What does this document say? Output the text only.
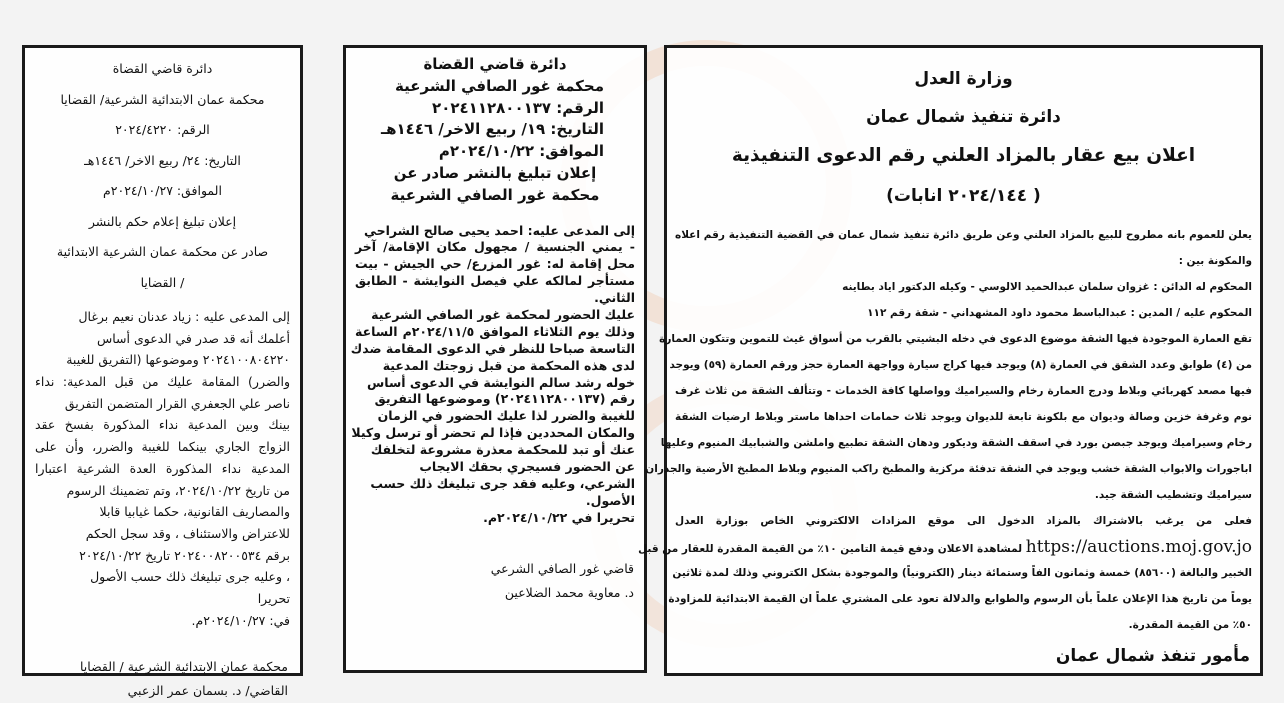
دائرة قاضي القضاة
محكمة عمان الابتدائية الشرعية/ القضايا
الرقم: ٢٠٢٤/٤٢٢٠
التاريخ: ٢٤/ ربيع الاخر/ ١٤٤٦هـ
الموافق: ٢٠٢٤/١٠/٢٧م
إعلان تبليغ إعلام حكم بالنشر
صادر عن محكمة عمان الشرعية الابتدائية
/ القضايا
إلى المدعى عليه : زياد عدنان نعيم برغال
أعلمك أنه قد صدر في الدعوى أساس
٢٠٢٤١٠٠٨٠٤٢٢٠ وموضوعها (التفريق للغيبة
والضرر) المقامة عليك من قبل المدعية: نداء
ناصر علي الجعفري القرار المتضمن التفريق
بينك وبين المدعية نداء المذكورة بفسخ عقد
الزواج الجاري بينكما للغيبة والضرر، وأن على
المدعية نداء المذكورة العدة الشرعية اعتبارا
من تاريخ ٢٠٢٤/١٠/٢٢، وتم تضمينك الرسوم
والمصاريف القانونية، حكما غيابيا قابلا
للاعتراض والاستئناف ، وقد سجل الحكم
برقم ٢٠٢٤٠٠٨٢٠٠٥٣٤ تاريخ ٢٠٢٤/١٠/٢٢
، وعليه جرى تبليغك ذلك حسب الأصول
تحريرا
في: ٢٠٢٤/١٠/٢٧م.
محكمة عمان الابتدائية الشرعية / القضايا
القاضي/ د. بسمان عمر الزعبي
دائرة قاضي القضاة
محكمة غور الصافي الشرعية
الرقم: ٢٠٢٤١١٢٨٠٠١٣٧
التاريخ: ١٩/ ربيع الاخر/ ١٤٤٦هـ
الموافق: ٢٠٢٤/١٠/٢٢م
إعلان تبليغ بالنشر صادر عن
محكمة غور الصافي الشرعية
إلى المدعى عليه: احمد يحيى صالح الشراحي
- يمني الجنسية / مجهول مكان الإقامة/ آخر
محل إقامة له: غور المزرع/ حي الجيش - بيت
مستأجر لمالكه علي فيصل النوايشة - الطابق
الثاني.
عليك الحضور لمحكمة غور الصافي الشرعية
وذلك يوم الثلاثاء الموافق ٢٠٢٤/١١/٥م الساعة
التاسعة صباحا للنظر في الدعوى المقامة ضدك
لدى هذه المحكمة من قبل زوجتك المدعية
خوله رشد سالم النوايشة في الدعوى أساس
رقم (٢٠٢٤١١٢٨٠٠١٣٧) وموضوعها التفريق
للغيبة والضرر لذا عليك الحضور في الزمان
والمكان المحددين فإذا لم تحضر أو ترسل وكيلا
عنك أو تبد للمحكمة معذرة مشروعة لتخلفك
عن الحضور فسيجري بحقك الايجاب
الشرعي، وعليه فقد جرى تبليغك ذلك حسب
الأصول.
تحريرا في ٢٠٢٤/١٠/٢٢م.
قاضي غور الصافي الشرعي
د. معاوية محمد الضلاعين
وزارة العدل
دائرة تنفيذ شمال عمان
اعلان بيع عقار بالمزاد العلني رقم الدعوى التنفيذية
( ٢٠٢٤/١٤٤ انابات)
يعلن للعموم بانه مطروح للبيع بالمزاد العلني وعن طريق دائرة تنفيذ شمال عمان في القضية التنفيذية رقم اعلاه
والمكونة بين :
المحكوم له الدائن : غزوان سلمان عبدالحميد الالوسي - وكيله الدكتور اياد بطاينه
المحكوم عليه / المدين : عبدالباسط محمود داود المشهداني - شقة رقم ١١٢
تقع العمارة الموجودة فيها الشقة موضوع الدعوى في دخله البشيتي بالقرب من أسواق غيث للتموين وتتكون العمارة
من (٤) طوابق وعدد الشقق في العمارة (٨) ويوجد فيها كراج سيارة وواجهة العمارة حجز ورقم العمارة (٥٩) ويوجد
فيها مصعد كهربائي وبلاط ودرج العمارة رخام والسيراميك وواصلها كافة الخدمات - وتتألف الشقة من ثلاث غرف
نوم وغرفة خزين وصالة وديوان مع بلكونة تابعة للديوان ويوجد ثلاث حمامات احداها ماستر وبلاط ارضيات الشقة
رخام وسيراميك ويوجد جبصن بورد في اسقف الشقة وديكور ودهان الشقة تطبيع واملشن والشبابيك المنيوم وعليها
اباجورات والابواب الشقة خشب ويوجد في الشقة تدفئة مركزية والمطبخ راكب المنيوم وبلاط المطبخ الأرضية والجدران
سيراميك وتشطيب الشقة جيد.
فعلى من يرغب بالاشتراك بالمزاد الدخول الى موقع المزادات الالكتروني الخاص بوزارة العدل
https://auctions.moj.gov.jo لمشاهدة الاعلان ودفع قيمة التامين ١٠٪ من القيمة المقدرة للعقار من قبل
الخبير والبالغة (٨٥٦٠٠) خمسة وثمانون الفاً وستمائة دينار (الكترونياً) والموجودة بشكل الكتروني وذلك لمدة ثلاثين
يوماً من تاريخ هذا الإعلان علماً بأن الرسوم والطوابع والدلالة تعود على المشتري علماً ان القيمة الابتدائية للمزاودة
٥٠٪ من القيمة المقدرة.
مأمور تنفذ شمال عمان
